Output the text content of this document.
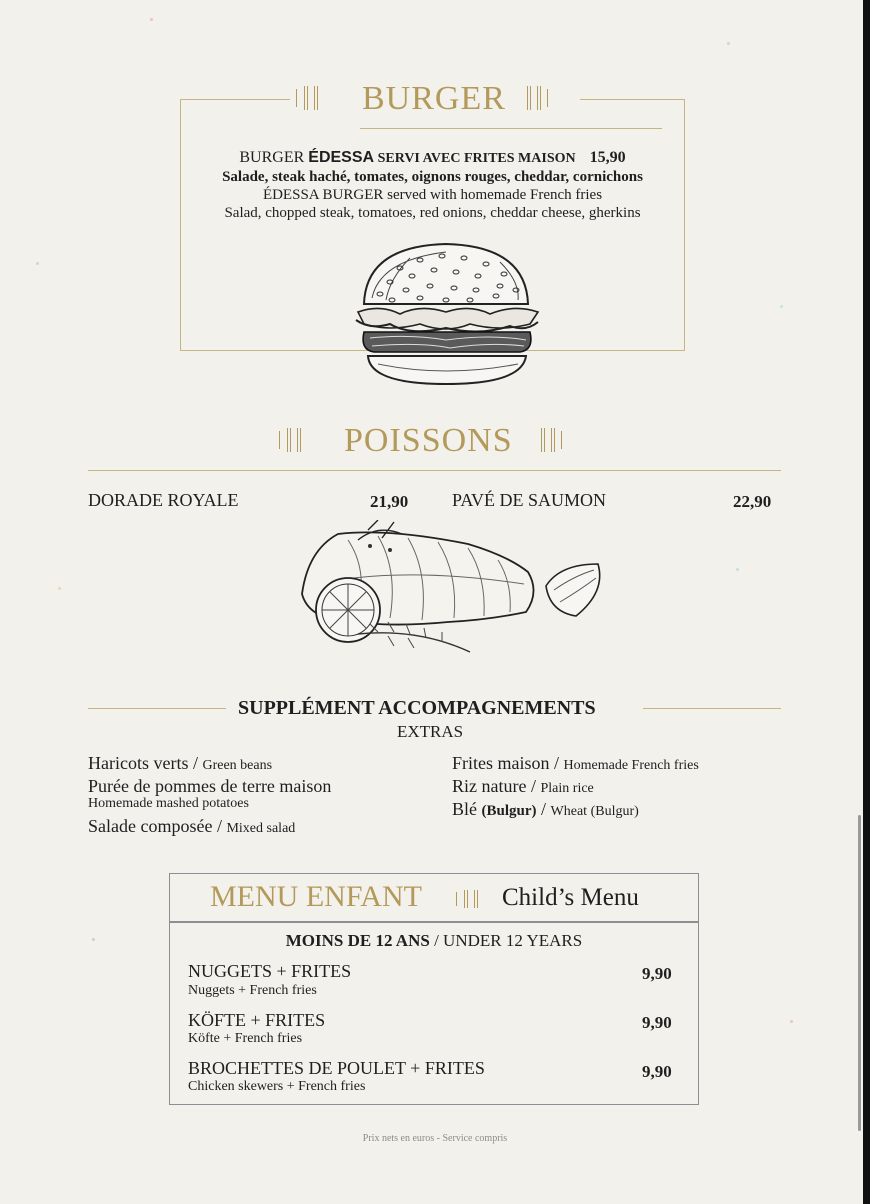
BURGER
BURGER ÉDESSA SERVI AVEC FRITES MAISON 15,90
Salade, steak haché, tomates, oignons rouges, cheddar, cornichons
ÉDESSA BURGER served with homemade French fries
Salad, chopped steak, tomatoes, red onions, cheddar cheese, gherkins
POISSONS
DORADE ROYALE	21,90 PAVÉ DE SAUMON	22,90
SUPPLÉMENT ACCOMPAGNEMENTS
EXTRAS
Haricots verts / Green beans
Purée de pommes de terre maison
Homemade mashed potatoes
Salade composée / Mixed salad
Frites maison / Homemade French fries
Riz nature / Plain rice
Blé (Bulgur) / Wheat (Bulgur)
MENU ENFANT	Child’s Menu
MOINS DE 12 ANS / UNDER 12 YEARS
NUGGETS + FRITES
Nuggets + French fries
9,90
KÖFTE + FRITES
Köfte + French fries
9,90
BROCHETTES DE POULET + FRITES
Chicken skewers + French fries
9,90
Prix nets en euros - Service compris
